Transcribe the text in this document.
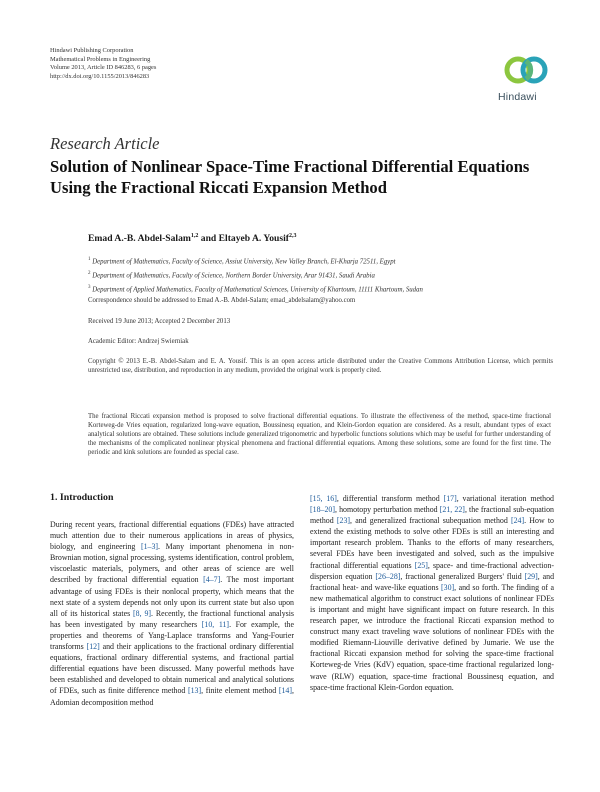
Hindawi Publishing Corporation
Mathematical Problems in Engineering
Volume 2013, Article ID 846283, 6 pages
http://dx.doi.org/10.1155/2013/846283
Hindawi
Research Article
Solution of Nonlinear Space-Time Fractional Differential Equations Using the Fractional Riccati Expansion Method
Emad A.-B. Abdel-Salam$^{1,2}$ and Eltayeb A. Yousif$^{2,3}$
$^1$ Department of Mathematics, Faculty of Science, Assiut University, New Valley Branch, El-Kharja 72511, Egypt
$^2$ Department of Mathematics, Faculty of Science, Northern Border University, Arar 91431, Saudi Arabia
$^3$ Department of Applied Mathematics, Faculty of Mathematical Sciences, University of Khartoum, 11111 Khartoum, Sudan
Correspondence should be addressed to Emad A.-B. Abdel-Salam; emad_abdelsalam@yahoo.com
Received 19 June 2013; Accepted 2 December 2013
Academic Editor: Andrzej Swierniak
Copyright © 2013 E.-B. Abdel-Salam and E. A. Yousif. This is an open access article distributed under the Creative Commons Attribution License, which permits unrestricted use, distribution, and reproduction in any medium, provided the original work is properly cited.
The fractional Riccati expansion method is proposed to solve fractional differential equations. To illustrate the effectiveness of the method, space-time fractional Korteweg-de Vries equation, regularized long-wave equation, Boussinesq equation, and Klein-Gordon equation are considered. As a result, abundant types of exact analytical solutions are obtained. These solutions include generalized trigonometric and hyperbolic functions solutions which may be useful for further understanding of the mechanisms of the complicated nonlinear physical phenomena and fractional differential equations. Among these solutions, some are found for the first time. The periodic and kink solutions are founded as special case.
1. Introduction
During recent years, fractional differential equations (FDEs) have attracted much attention due to their numerous applications in areas of physics, biology, and engineering [1–3]. Many important phenomena in non-Brownian motion, signal processing, systems identification, control problem, viscoelastic materials, polymers, and other areas of science are well described by fractional differential equation [4–7]. The most important advantage of using FDEs is their nonlocal property, which means that the next state of a system depends not only upon its current state but also upon all of its historical states [8, 9]. Recently, the fractional functional analysis has been investigated by many researchers [10, 11]. For example, the properties and theorems of Yang-Laplace transforms and Yang-Fourier transforms [12] and their applications to the fractional ordinary differential equations, fractional ordinary differential systems, and fractional partial differential equations have been discussed. Many powerful methods have been established and developed to obtain numerical and analytical solutions of FDEs, such as finite difference method [13], finite element method [14], Adomian decomposition method
[15, 16], differential transform method [17], variational iteration method [18–20], homotopy perturbation method [21, 22], the fractional sub-equation method [23], and generalized fractional subequation method [24]. How to extend the existing methods to solve other FDEs is still an interesting and important research problem. Thanks to the efforts of many researchers, several FDEs have been investigated and solved, such as the impulsive fractional differential equations [25], space- and time-fractional advection-dispersion equation [26–28], fractional generalized Burgers' fluid [29], and fractional heat- and wave-like equations [30], and so forth. The finding of a new mathematical algorithm to construct exact solutions of nonlinear FDEs is important and might have significant impact on future research. In this research paper, we introduce the fractional Riccati expansion method to construct many exact traveling wave solutions of nonlinear FDEs with the modified Riemann-Liouville derivative defined by Jumarie. We use the fractional Riccati expansion method for solving the space-time fractional Korteweg-de Vries (KdV) equation, space-time fractional regularized long-wave (RLW) equation, space-time fractional Boussinesq equation, and space-time fractional Klein-Gordon equation.
